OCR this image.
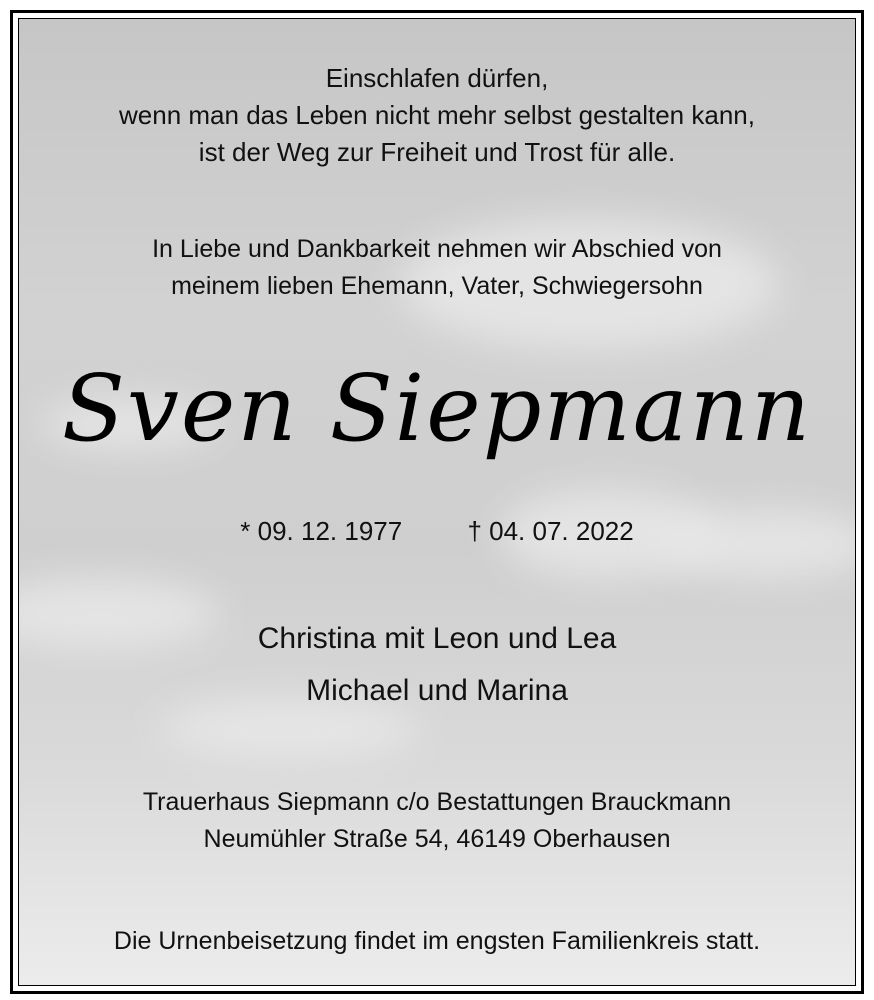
Einschlafen dürfen,
wenn man das Leben nicht mehr selbst gestalten kann,
ist der Weg zur Freiheit und Trost für alle.
In Liebe und Dankbarkeit nehmen wir Abschied von
meinem lieben Ehemann, Vater, Schwiegersohn
Sven Siepmann
* 09. 12. 1977	† 04. 07. 2022
Christina mit Leon und Lea
Michael und Marina
Trauerhaus Siepmann c/o Bestattungen Brauckmann
Neumühler Straße 54, 46149 Oberhausen
Die Urnenbeisetzung findet im engsten Familienkreis statt.
